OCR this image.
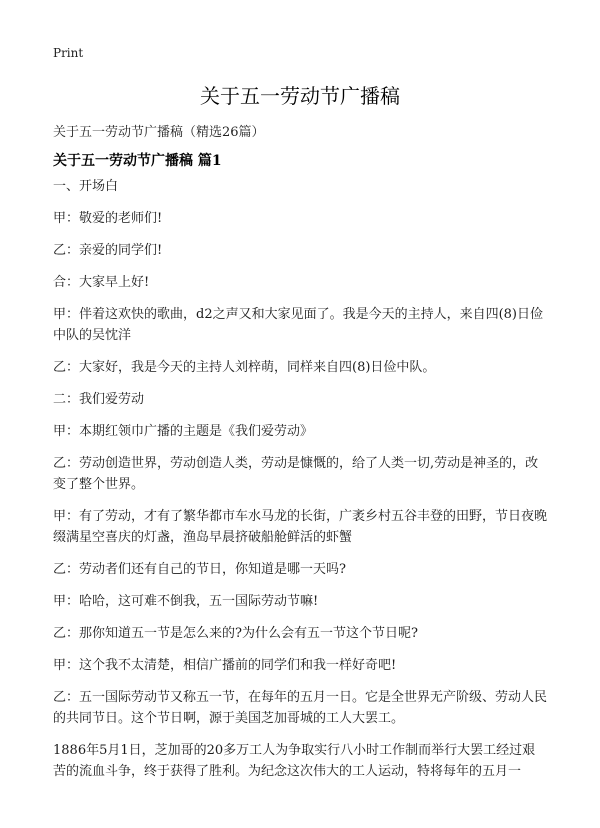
Print
关于五一劳动节广播稿
关于五一劳动节广播稿（精选26篇）
关于五一劳动节广播稿 篇1

一、开场白

甲：敬爱的老师们!

乙：亲爱的同学们!

合：大家早上好!

甲：伴着这欢快的歌曲，d2之声又和大家见面了。我是今天的主持人，来自四(8)日俭中队的吴忱洋

乙：大家好，我是今天的主持人刘梓萌，同样来自四(8)日俭中队。

二：我们爱劳动

甲：本期红领巾广播的主题是《我们爱劳动》

乙：劳动创造世界，劳动创造人类，劳动是慷慨的，给了人类一切,劳动是神圣的，改变了整个世界。

甲：有了劳动，才有了繁华都市车水马龙的长街，广袤乡村五谷丰登的田野，节日夜晚缀满星空喜庆的灯盏，渔岛早晨挤破船舱鲜活的虾蟹

乙：劳动者们还有自己的节日，你知道是哪一天吗?

甲：哈哈，这可难不倒我，五一国际劳动节嘛!

乙：那你知道五一节是怎么来的?为什么会有五一节这个节日呢?

甲：这个我不太清楚，相信广播前的同学们和我一样好奇吧!

乙：五一国际劳动节又称五一节，在每年的五月一日。它是全世界无产阶级、劳动人民的共同节日。这个节日啊，源于美国芝加哥城的工人大罢工。

1886年5月1日，芝加哥的20多万工人为争取实行八小时工作制而举行大罢工经过艰苦的流血斗争，终于获得了胜利。为纪念这次伟大的工人运动，特将每年的五月一
